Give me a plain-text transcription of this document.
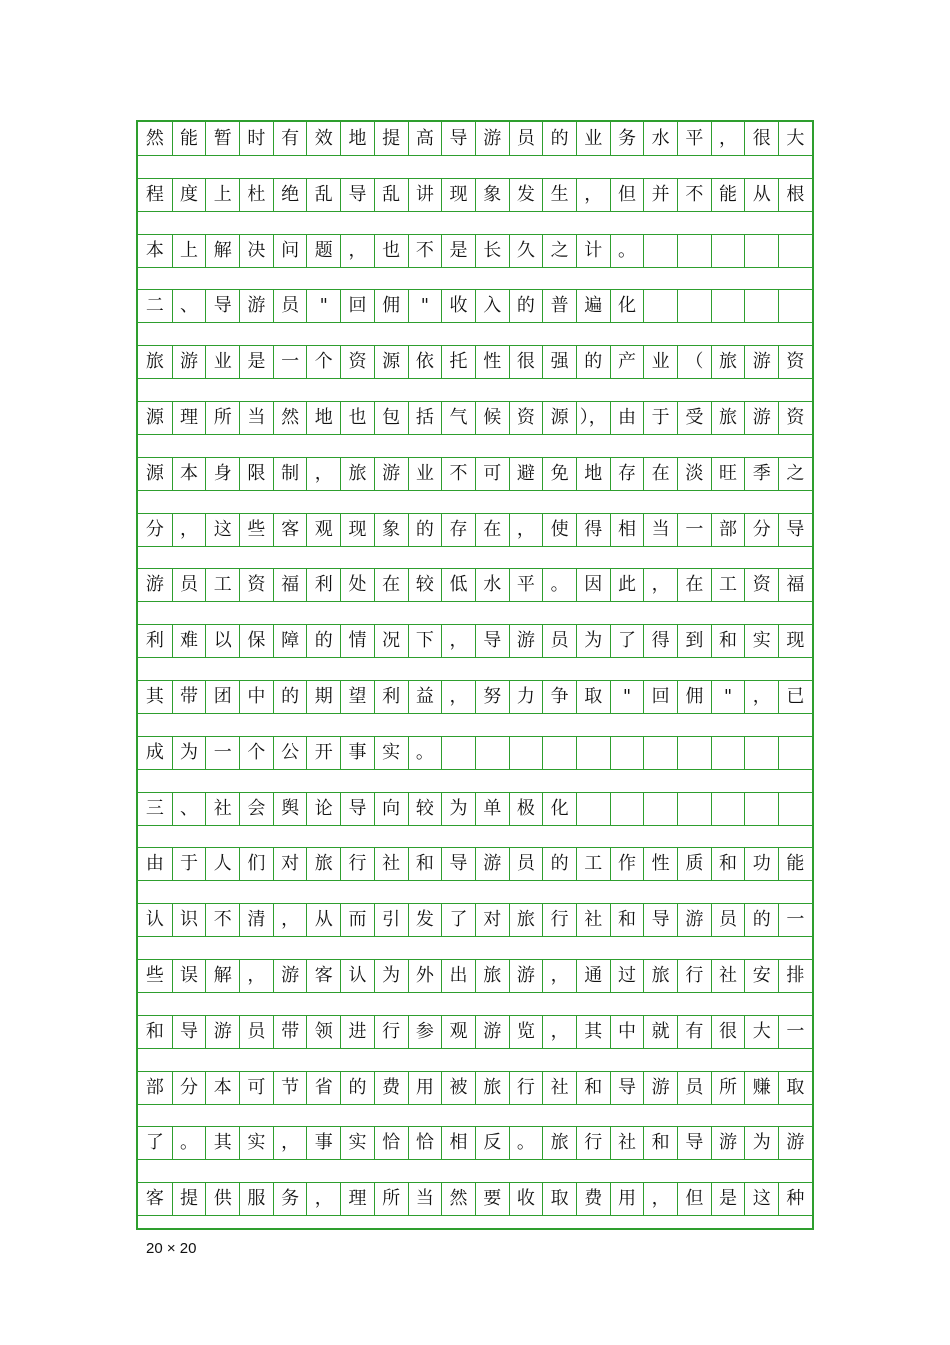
然 能 暂 时 有 效 地 提 高 导 游 员 的 业 务 水 平 ， 很 大
程 度 上 杜 绝 乱 导 乱 讲 现 象 发 生 ， 但 并 不 能 从 根
本 上 解 决 问 题 ， 也 不 是 长 久 之 计 。
二 、 导 游 员	"	回 佣	"	收 入 的 普 遍 化
旅 游 业 是 一 个 资 源 依 托 性 很 强 的 产 业 （ 旅 游 资
源 理 所 当 然 地 也 包 括 气 候 资 源 ）， 由 于 受 旅 游 资
源 本 身 限 制 ， 旅 游 业 不 可 避 免 地 存 在 淡 旺 季 之
分 ， 这 些 客 观 现 象 的 存 在 ， 使 得 相 当 一 部 分 导
游 员 工 资 福 利 处 在 较 低 水 平 。 因 此 ， 在 工 资 福
利 难 以 保 障 的 情 况 下 ， 导 游 员 为 了 得 到 和 实 现
其 带 团 中 的 期 望 利 益 ， 努 力 争 取	"	回 佣	"	， 已
成 为 一 个 公 开 事 实 。
三 、 社 会 舆 论 导 向 较 为 单 极 化
由 于 人 们 对 旅 行 社 和 导 游 员 的 工 作 性 质 和 功 能
认 识 不 清 ， 从 而 引 发 了 对 旅 行 社 和 导 游 员 的 一
些 误 解 ， 游 客 认 为 外 出 旅 游 ， 通 过 旅 行 社 安 排
和 导 游 员 带 领 进 行 参 观 游 览 ， 其 中 就 有 很 大 一
部 分 本 可 节 省 的 费 用 被 旅 行 社 和 导 游 员 所 赚 取
了 。 其 实 ， 事 实 恰 恰 相 反 。 旅 行 社 和 导 游 为 游
客 提 供 服 务 ， 理 所 当 然 要 收 取 费 用 ， 但 是 这 种
20 × 20
